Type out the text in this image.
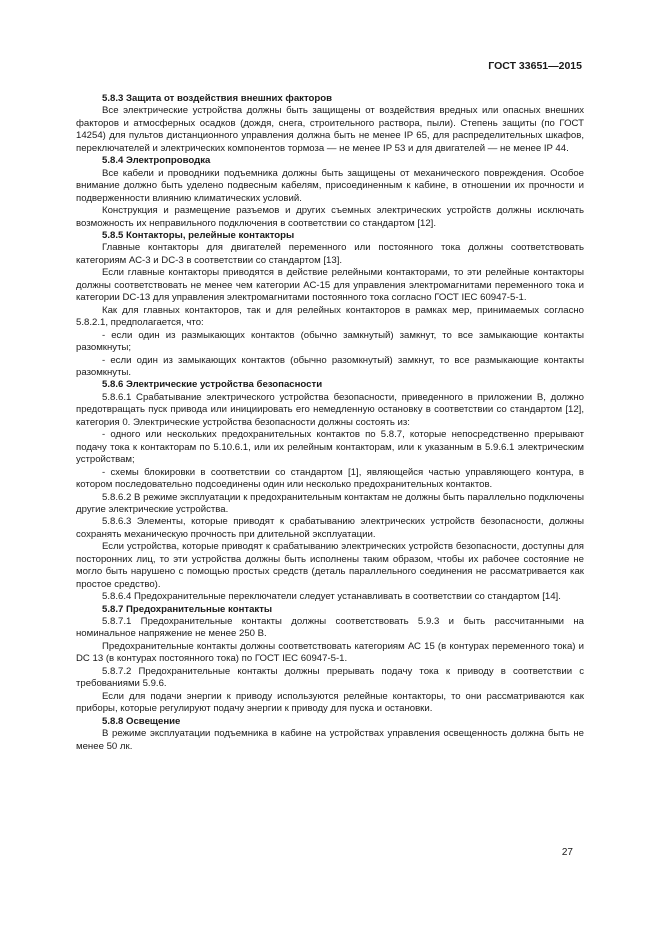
ГОСТ 33651—2015

5.8.3 Защита от воздействия внешних факторов

Все электрические устройства должны быть защищены от воздействия вредных или опасных внешних факторов и атмосферных осадков (дождя, снега, строительного раствора, пыли). Степень защиты (по ГОСТ 14254) для пультов дистанционного управления должна быть не менее IP 65, для распределительных шкафов, переключателей и электрических компонентов тормоза — не менее IP 53 и для двигателей — не менее IP 44.

5.8.4 Электропроводка

Все кабели и проводники подъемника должны быть защищены от механического повреждения. Особое внимание должно быть уделено подвесным кабелям, присоединенным к кабине, в отношении их прочности и подверженности влиянию климатических условий.

Конструкция и размещение разъемов и других съемных электрических устройств должны исключать возможность их неправильного подключения в соответствии со стандартом [12].

5.8.5 Контакторы, релейные контакторы

Главные контакторы для двигателей переменного или постоянного тока должны соответствовать категориям АС-3 и DC-3 в соответствии со стандартом [13].

Если главные контакторы приводятся в действие релейными контакторами, то эти релейные контакторы должны соответствовать не менее чем категории АС-15 для управления электромагнитами переменного тока и категории DC-13 для управления электромагнитами постоянного тока согласно ГОСТ IEC 60947-5-1.

Как для главных контакторов, так и для релейных контакторов в рамках мер, принимаемых согласно 5.8.2.1, предполагается, что:

- если один из размыкающих контактов (обычно замкнутый) замкнут, то все замыкающие контакты разомкнуты;

- если один из замыкающих контактов (обычно разомкнутый) замкнут, то все размыкающие контакты разомкнуты.

5.8.6 Электрические устройства безопасности

5.8.6.1 Срабатывание электрического устройства безопасности, приведенного в приложении В, должно предотвращать пуск привода или инициировать его немедленную остановку в соответствии со стандартом [12], категория 0. Электрические устройства безопасности должны состоять из:

- одного или нескольких предохранительных контактов по 5.8.7, которые непосредственно прерывают подачу тока к контакторам по 5.10.6.1, или их релейным контакторам, или к указанным в 5.9.6.1 электрическим устройствам;

- схемы блокировки в соответствии со стандартом [1], являющейся частью управляющего контура, в котором последовательно подсоединены один или несколько предохранительных контактов.

5.8.6.2 В режиме эксплуатации к предохранительным контактам не должны быть параллельно подключены другие электрические устройства.

5.8.6.3 Элементы, которые приводят к срабатыванию электрических устройств безопасности, должны сохранять механическую прочность при длительной эксплуатации.

Если устройства, которые приводят к срабатыванию электрических устройств безопасности, доступны для посторонних лиц, то эти устройства должны быть исполнены таким образом, чтобы их рабочее состояние не могло быть нарушено с помощью простых средств (деталь параллельного соединения не рассматривается как простое средство).

5.8.6.4 Предохранительные переключатели следует устанавливать в соответствии со стандартом [14].

5.8.7 Предохранительные контакты

5.8.7.1 Предохранительные контакты должны соответствовать 5.9.3 и быть рассчитанными на номинальное напряжение не менее 250 В.

Предохранительные контакты должны соответствовать категориям АС 15 (в контурах переменного тока) и DC 13 (в контурах постоянного тока) по ГОСТ IEC 60947-5-1.

5.8.7.2 Предохранительные контакты должны прерывать подачу тока к приводу в соответствии с требованиями 5.9.6.

Если для подачи энергии к приводу используются релейные контакторы, то они рассматриваются как приборы, которые регулируют подачу энергии к приводу для пуска и остановки.

5.8.8 Освещение

В режиме эксплуатации подъемника в кабине на устройствах управления освещенность должна быть не менее 50 лк.

27
